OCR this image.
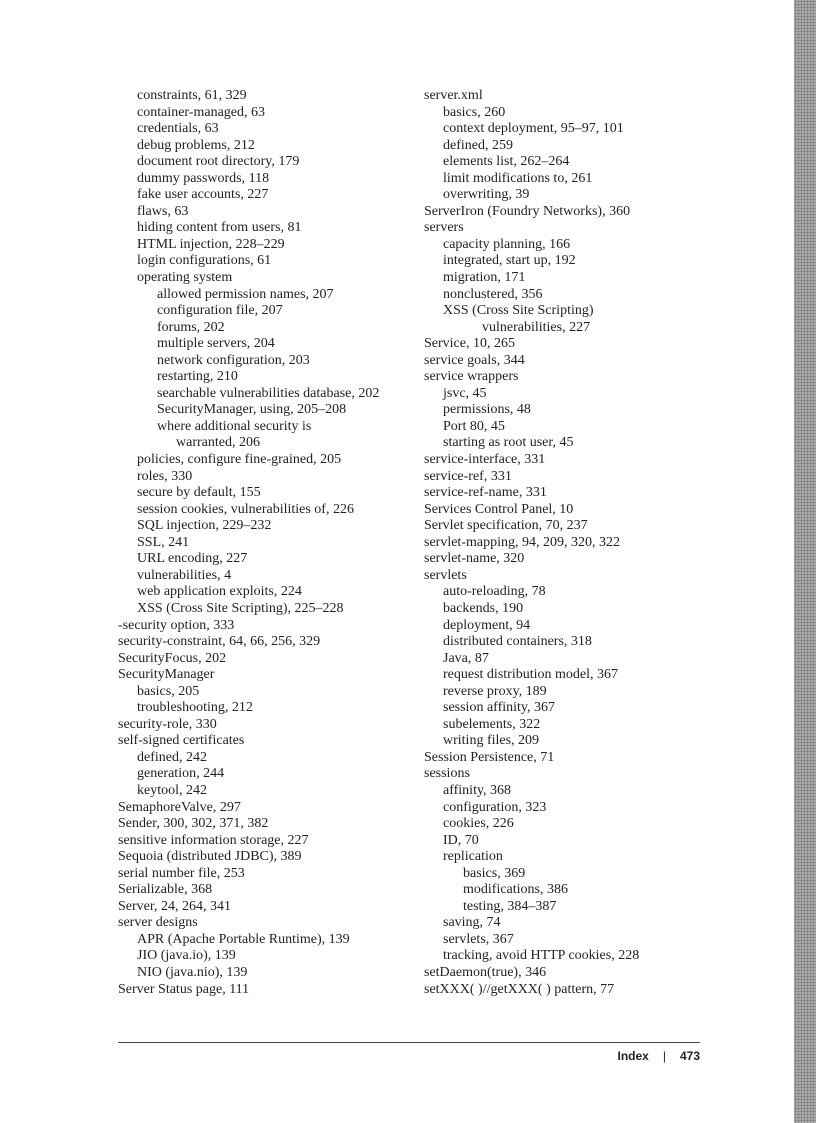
constraints, 61, 329
container-managed, 63
credentials, 63
debug problems, 212
document root directory, 179
dummy passwords, 118
fake user accounts, 227
flaws, 63
hiding content from users, 81
HTML injection, 228–229
login configurations, 61
operating system
allowed permission names, 207
configuration file, 207
forums, 202
multiple servers, 204
network configuration, 203
restarting, 210
searchable vulnerabilities database, 202
SecurityManager, using, 205–208
where additional security is
warranted, 206
policies, configure fine-grained, 205
roles, 330
secure by default, 155
session cookies, vulnerabilities of, 226
SQL injection, 229–232
SSL, 241
URL encoding, 227
vulnerabilities, 4
web application exploits, 224
XSS (Cross Site Scripting), 225–228
-security option, 333
security-constraint, 64, 66, 256, 329
SecurityFocus, 202
SecurityManager
basics, 205
troubleshooting, 212
security-role, 330
self-signed certificates
defined, 242
generation, 244
keytool, 242
SemaphoreValve, 297
Sender, 300, 302, 371, 382
sensitive information storage, 227
Sequoia (distributed JDBC), 389
serial number file, 253
Serializable, 368
Server, 24, 264, 341
server designs
APR (Apache Portable Runtime), 139
JIO (java.io), 139
NIO (java.nio), 139
Server Status page, 111
server.xml
basics, 260
context deployment, 95–97, 101
defined, 259
elements list, 262–264
limit modifications to, 261
overwriting, 39
ServerIron (Foundry Networks), 360
servers
capacity planning, 166
integrated, start up, 192
migration, 171
nonclustered, 356
XSS (Cross Site Scripting)
vulnerabilities, 227
Service, 10, 265
service goals, 344
service wrappers
jsvc, 45
permissions, 48
Port 80, 45
starting as root user, 45
service-interface, 331
service-ref, 331
service-ref-name, 331
Services Control Panel, 10
Servlet specification, 70, 237
servlet-mapping, 94, 209, 320, 322
servlet-name, 320
servlets
auto-reloading, 78
backends, 190
deployment, 94
distributed containers, 318
Java, 87
request distribution model, 367
reverse proxy, 189
session affinity, 367
subelements, 322
writing files, 209
Session Persistence, 71
sessions
affinity, 368
configuration, 323
cookies, 226
ID, 70
replication
basics, 369
modifications, 386
testing, 384–387
saving, 74
servlets, 367
tracking, avoid HTTP cookies, 228
setDaemon(true), 346
setXXX( )//getXXX( ) pattern, 77
Index | 473
